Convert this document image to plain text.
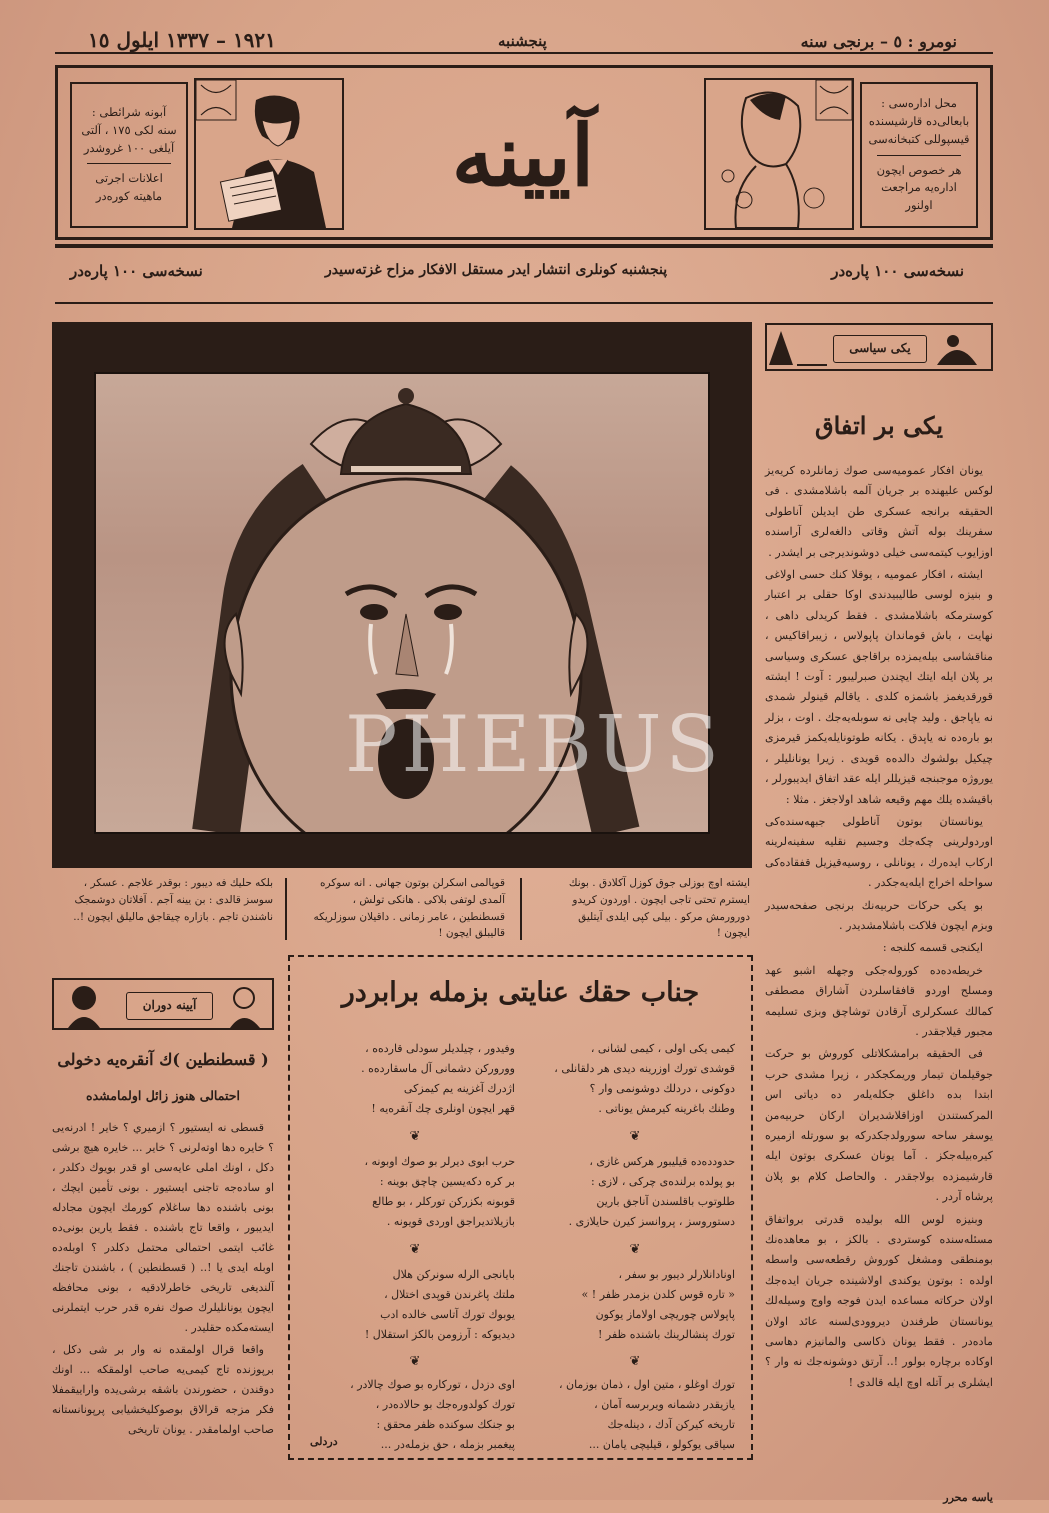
١٩٢١ – ١٣٣٧ ايلول ١٥	پنجشنبه	نومرو : ٥ – برنجی سنه
آبونه شرائطی :
سنه لکی ١٧٥ ، آلتی
آیلغی ١٠٠ غروشدر
اعلانات اجرتی
ماهیته کوره‌در	آيينه
محل اداره‌سی :
بابعالی‌ده قارشیسنده
قیسپوللی کتبخانه‌سی
هر خصوص ایچون
اداره‌یه مراجعت اولنور
نسخه‌سی ١٠٠ پاره‌در	پنجشنبه کونلری انتشار ایدر مستقل الافکار مزاح غزته‌سیدر	نسخه‌سی ١٠٠ پاره‌در
PHEBUS
ایشته اوچ بوزلی جوق کوزل آکلادق . بونك ايسترم تحتی تاجی ايچون . اوردون كريدو دورورمش مرکو . بیلی کپی ایلدی آیتلیق ایچون !
قوپالمی اسکرلن بوتون جهانی . انه سوکره آلمدی لوتفی بلاکی . هانکی تولش ، قسطنطین ، عامر زمانی . داقیلان سوزلریکه قالیبلق ایچون !
بلکه حلیك فه دیبور : بوقدر علاجم . عسکر ، سوسز قالدی : بن یینه آجم . آفلاتان دوشمجک ناشندن تاجم . بازاره چیقاجق مالیلق ایچون !..
یکی سیاسی
یکی بر اتفاق

یونان افکار عمومیه‌سی صوك زمانلرده کریه‌یز لوکس علیهنده بر جریان آلمه باشلامشدی . فی الحقیقه برانجه عسکری طن ایدیلن آناطولی سفرینك بوله آتش وقاتی دالغه‌لری آراسنده اوزایوب کیتمه‌سی خیلی دوشوندیرجی بر ایشدر .

ایشته ، افکار عمومیه ، یوقلا کنك حسی اولاغی و بنیزه لوسی طالیبیدندی اوکا حقلی بر اعتبار کوسترمکه باشلامشدی . فقط کریدلی داهی ، نهایت ، باش قوماندان پاپولاس ، زیبراقاکیس ، مناقشاسی بیله‌یمز‌ده براقاجق عسکری وسیاسی بر پلان ایله ایتك ایچندن صبرلیبور : آوت ! ایشته قورقدیغمز باشمزه کلدی . یاقالم قینولر شمدی نه یاپاجق . ولید چایی نه سوبله‌یه‌جك . اوت ، بزلر بو باره‌ده نه یاپدق . یکانه طوتونایله‌یکمز قیرمزی چیکیل بولشوك دالده‌ه قویدی . زیرا یونانلیلر ، یوروژه موجبنجه قیزیللر ایله عقد اتفاق ایدیبورلر ، باقیشده یلك مهم وقیعه شاهد اولاجغز . مثلا :

یونانستان بوتون آناطولی جبهه‌سنده‌کی اوردولرینی چکه‌جك وجسیم نقلیه سفینه‌لرینه ارکاب ایده‌رك ، یونانلی ، روسیه‌قیزیل قفقاده‌کی سواحله اخراج ایله‌یه‌جکدر .

بو یکی حرکات حربیه‌نك برنجی صفحه‌سیدر وبزم ایچون فلاکت باشلامشدیدر .

ایکنجی قسمه کلنجه :

خریطه‌ده‌ده کوروله‌جکی وجهله اشبو عهد ومسلح اوردو قافقاسلردن آشاراق مصطفی کمالك عسکرلری آرقادن توشاچق وبزی تسلیمه مجبور قیلاجقدر .

فی الحقیقه برامشکلاتلی کوروش بو حرکت جوقیلمان تیمار وریمکجکدر ، زیرا مشدی حرب ابتدا بده داغلق جکله‌یله‌ر ده دیاتی اس المرکستندن اوزاقلاشدیران ارکان حربیه‌من یوسفر ساحه سورولدجکدرکه بو سورتله ازمیره کیره‌بیله‌جکز . آما یونان عسکری بوتون ایله قارشیمزده بولاجقدر . والحاصل کلام بو پلان پرشاه آردر .

وبنیزه لوس الله بولیده قدرتی برواتفاق مسئله‌سنده کوستردی . بالکز ، بو معاهده‌نك بومنطقی ومشغل کوروش رقطعه‌سی واسطه اولده : بوتون یوکندی اولاشینده جریان ایده‌جك اولان حرکاته مساعده ایدن فوجه واوج وسیله‌لك یونانستان طرفندن دیروودی‌لسنه عائد اولان ماده‌در . فقط یونان ذکاسی والمانیزم دهاسی اوکاده برچاره بولور !.. آرتق دوشونه‌جك نه وار ؟ ایشلری بر آتله اوچ ایله قالدی !

یاسه محرر
جناب حقك عنایتی بزمله برابردر
کیمی یکی اولی ، کیمی لشانی ،
قوشدی تورك اوزرینه دیدی هر دلقانلی ،
دوکونی ، دردلك دوشونمی وار ؟
وطنك باغرینه کیرمش یوناتی .
وفیدور ، چیلدیلر سودلی قارده‌ه ،
وورورکن دشمانی آل ماسقارده‌ه .
اژدرك آغزینه یم کیمزکی
قهر ایچون اونلری چك آنقره‌یه !
❦
❦
حدودده‌ده قیلیبور هرکس غازی ،
بو پولده برلنده‌ی چرکی ، لازی :
طلوتوب باقلسندن آناجق بارین
دستوروسز ، پروانسز کیرن حایلازی .
حرب ابوی دیرلر بو صوك اوبونه ،
بر کره دکه‌یسین چاچق بوینه :
قوبونه بکزرکن تورکلر ، بو طالع
بازیلاتدیراجق اوردی قویونه .
❦
❦
اونادانلارلر دیبور بو سفر ،
« تاره قوس کلدن بزمدر ظفر ! »
پاپولاس چوریچی اولاماز یوکون
تورك پنشالرینك باشنده ظفر !
بایانجی الرله سونرکن هلال
ملتك پاغرندن قوپدی اختلال ،
یوبوك تورك آتاسی خالده ادب
دیدیوکه : آرزومن بالکز استقلال !
❦
❦
تورك اوغلو ، متین اول ، ذمان بوزمان ،
یازیقدر دشمانه ویربرسه آمان ،
تاریخه کیرکن آدك ، دینله‌جك
سیاقی یوکولو ، قیلیچی یامان ...
اوی دزدل ، تورکاره بو صوك چالادر ،
تورك کولدوره‌جك بو حالاده‌در ،
بو جنکك سوکنده ظفر محقق :
پیغمبر بزمله ، حق بزمله‌در ...
دردلی
آيينه دوران
( قسطنطین )ك آنقره‌یه دخولی
احتمالی هنوز زائل اولمامشده

قسطی نه ايستيور ؟ ازميري ؟ خاير ! ادرنه‌یی ؟ خایره دها اوته‌لرنی ؟ خایر ... خایره هیچ برشی دکل ، اونك املی عایه‌سی او قدر بويوك دکلدر ، او ساده‌جه تاجنی ايستيور . بونی تأمين ايچك ، بونی باشنده دها ساغلام کورمك ايچون مجادله ايديبور ، واقعا تاج باشنده . فقط يارين بونی‌ده غائب ايتمی احتمالی محتمل دکلدر ؟ اوبله‌ده اوبله ایدی یا !.. ( قسطنطین ) ، باشندن تاجنك آلندیغی تاریخی خاطرلادقیه ، بونی محافظه ایچون یونانلیلرك صوك نفره قدر حرب ایتملرنی ایسته‌مکده حقلیدر .

واقعا قرال اولمقده نه وار بر شی دکل ، برپوزنده تاج کیمی‌یه صاحب اولمقکه ... اونك دوقندن ، حضورندن باشقه برشی‌یده واراییقمفلا فکر مزجه قرالاق بوصوکلیخشیابی پرپونانستانه صاحب اولمامقدر . یونان تاريخی
